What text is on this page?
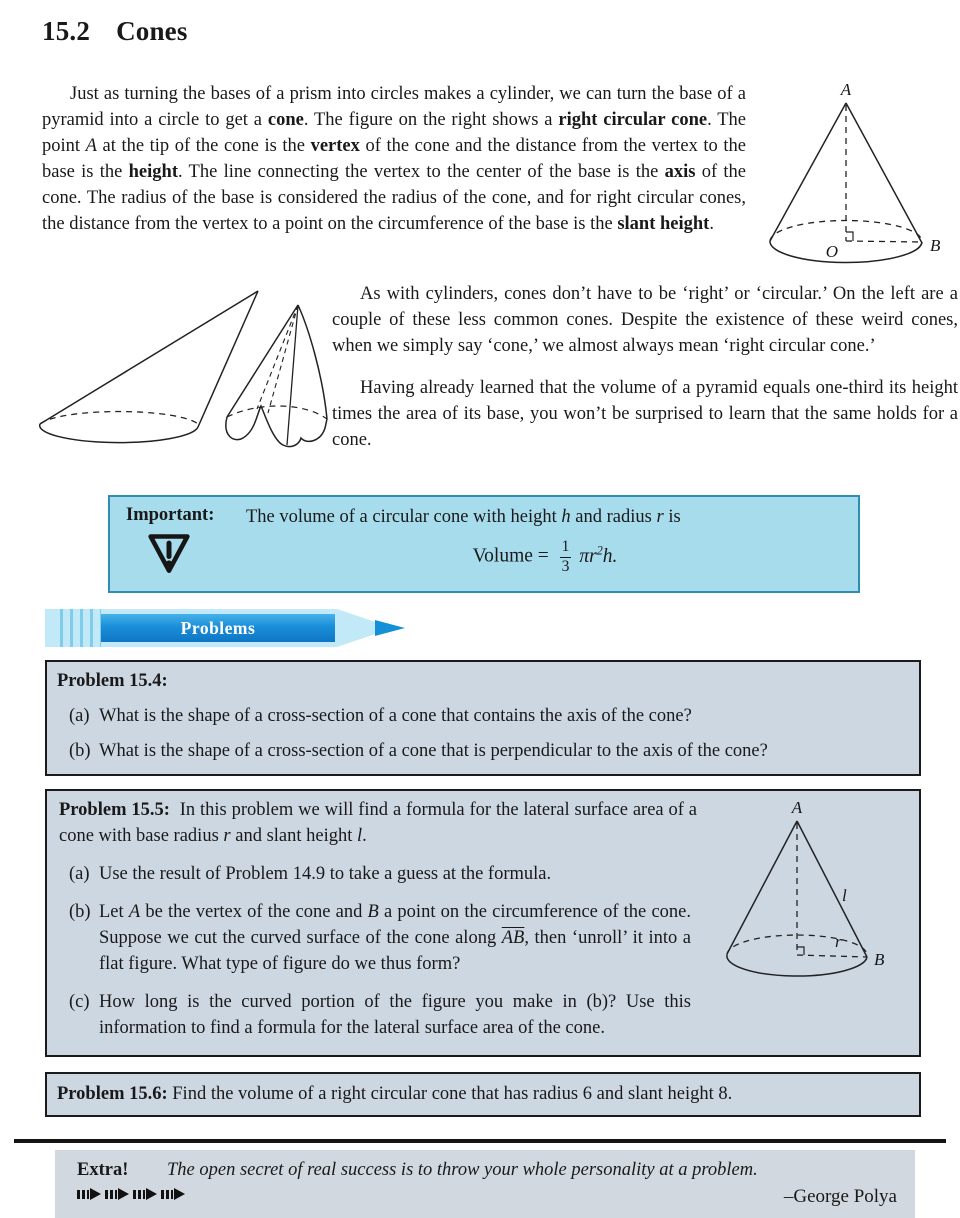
15.2 Cones

Just as turning the bases of a prism into circles makes a cylinder, we can turn the base of a pyramid into a circle to get a cone. The figure on the right shows a right circular cone. The point A at the tip of the cone is the vertex of the cone and the distance from the vertex to the base is the height. The line connecting the vertex to the center of the base is the axis of the cone. The radius of the base is considered the radius of the cone, and for right circular cones, the distance from the vertex to a point on the circumference of the base is the slant height.

A
O	B

As with cylinders, cones don’t have to be ‘right’ or ‘circular.’ On the left are a couple of these less common cones. Despite the existence of these weird cones, when we simply say ‘cone,’ we almost always mean ‘right circular cone.’

Having already learned that the volume of a pyramid equals one-third its height times the area of its base, you won’t be surprised to learn that the same holds for a cone.

Important:	The volume of a circular cone with height h and radius r is

Volume = $\frac{1}{3} \pi r^2h$.
Problems
Problem 15.4:
(a) What is the shape of a cross-section of a cone that contains the axis of the cone?
(b) What is the shape of a cross-section of a cone that is perpendicular to the axis of the cone?
A
l
r
B

Problem 15.5: In this problem we will find a formula for the lateral surface area of a cone with base radius r and slant height l.

(a) Use the result of Problem 14.9 to take a guess at the formula.
(b) Let A be the vertex of the cone and B a point on the circumference of the cone. Suppose we cut the curved surface of the cone along $\overline{AB}$, then ‘unroll’ it into a flat figure. What type of figure do we thus form?
(c) How long is the curved portion of the figure you make in (b)? Use this information to find a formula for the lateral surface area of the cone.
Problem 15.6: Find the volume of a right circular cone that has radius 6 and slant height 8.
Extra!	The open secret of real success is to throw your whole personality at a problem.
–George Polya
